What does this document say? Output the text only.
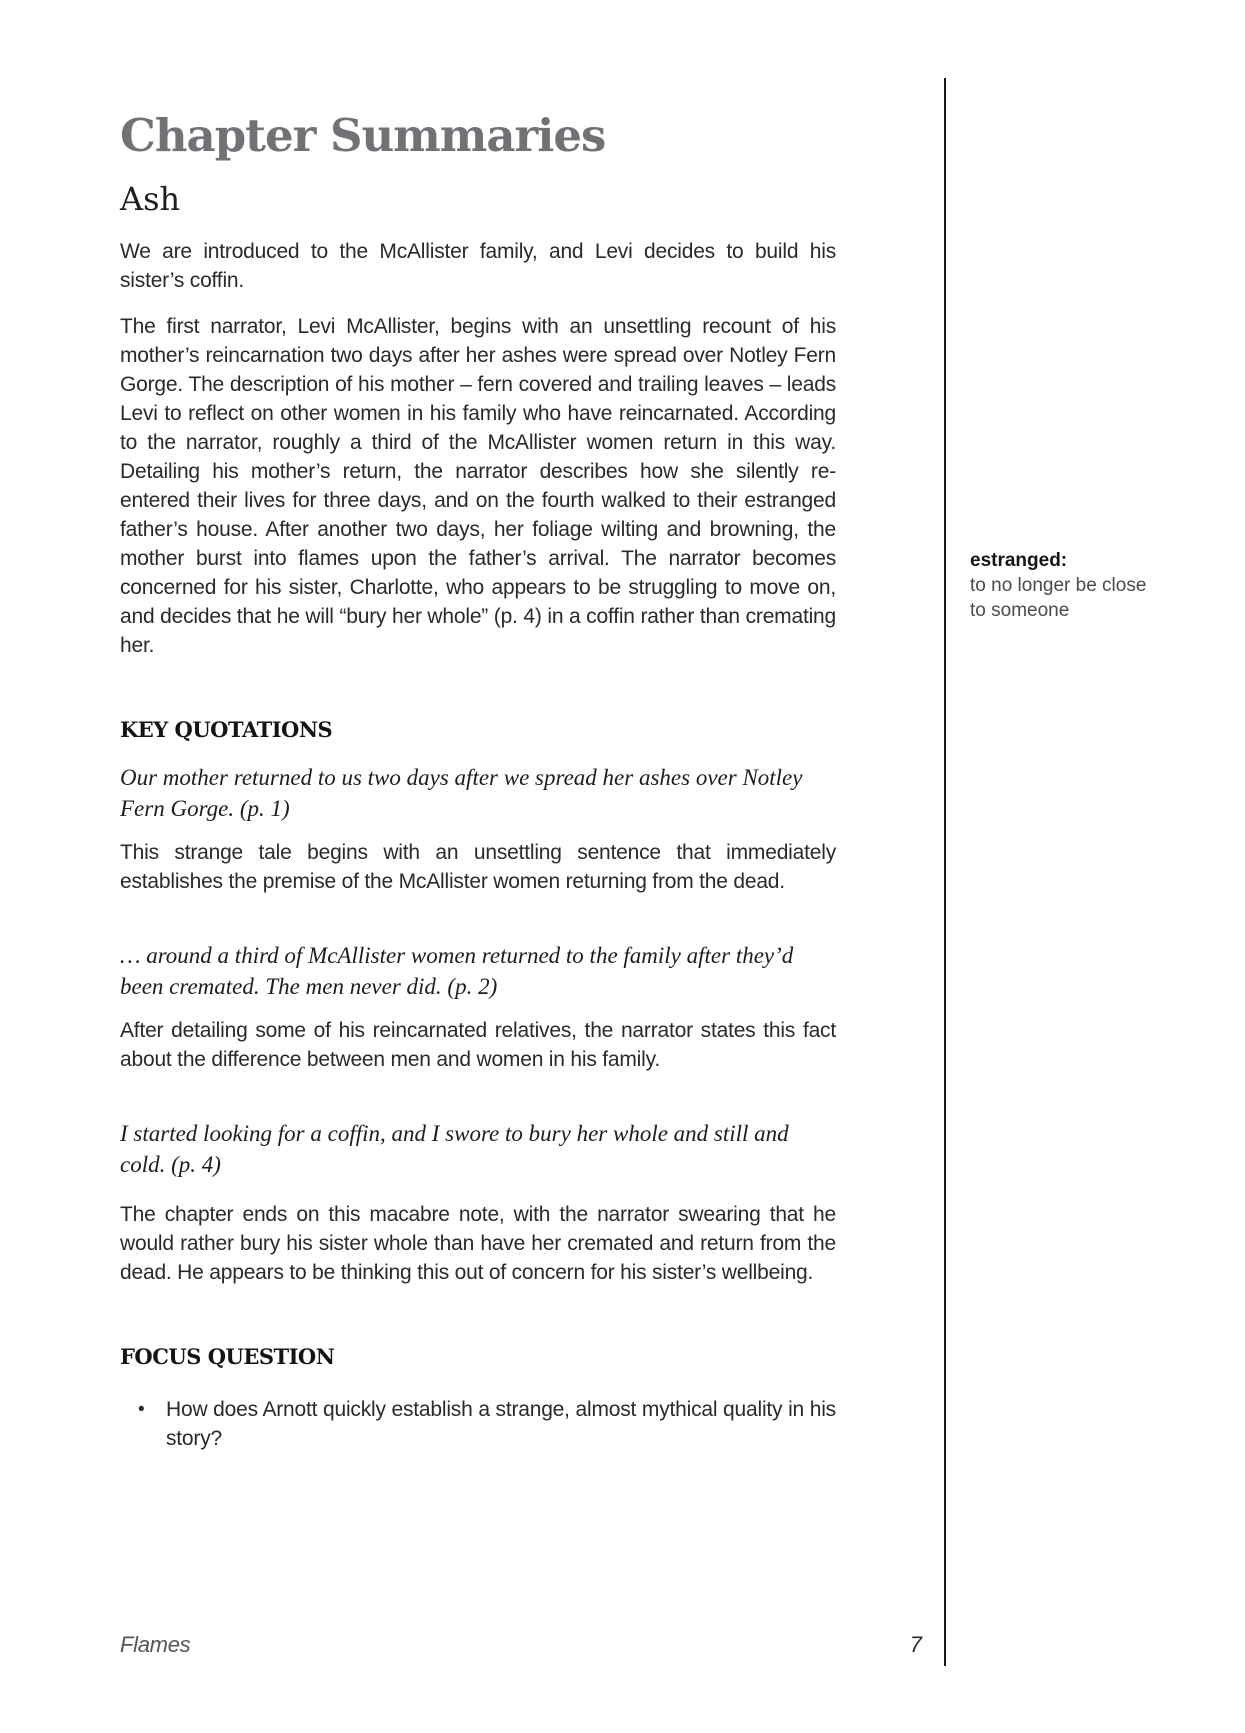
Chapter Summaries
Ash

We are introduced to the McAllister family, and Levi decides to build his sister’s coffin.

The first narrator, Levi McAllister, begins with an unsettling recount of his mother’s reincarnation two days after her ashes were spread over Notley Fern Gorge. The description of his mother – fern covered and trailing leaves – leads Levi to reflect on other women in his family who have reincarnated. According to the narrator, roughly a third of the McAllister women return in this way. Detailing his mother’s return, the narrator describes how she silently re-entered their lives for three days, and on the fourth walked to their estranged father’s house. After another two days, her foliage wilting and browning, the mother burst into flames upon the father’s arrival. The narrator becomes concerned for his sister, Charlotte, who appears to be struggling to move on, and decides that he will “bury her whole” (p. 4) in a coffin rather than cremating her.

KEY QUOTATIONS

Our mother returned to us two days after we spread her ashes over Notley Fern Gorge. (p. 1)

This strange tale begins with an unsettling sentence that immediately establishes the premise of the McAllister women returning from the dead.

… around a third of McAllister women returned to the family after they’d been cremated. The men never did. (p. 2)

After detailing some of his reincarnated relatives, the narrator states this fact about the difference between men and women in his family.

I started looking for a coffin, and I swore to bury her whole and still and cold. (p. 4)

The chapter ends on this macabre note, with the narrator swearing that he would rather bury his sister whole than have her cremated and return from the dead. He appears to be thinking this out of concern for his sister’s wellbeing.

FOCUS QUESTION
•	How does Arnott quickly establish a strange, almost mythical quality in his story?
estranged:
to no longer be close to someone
Flames	7
